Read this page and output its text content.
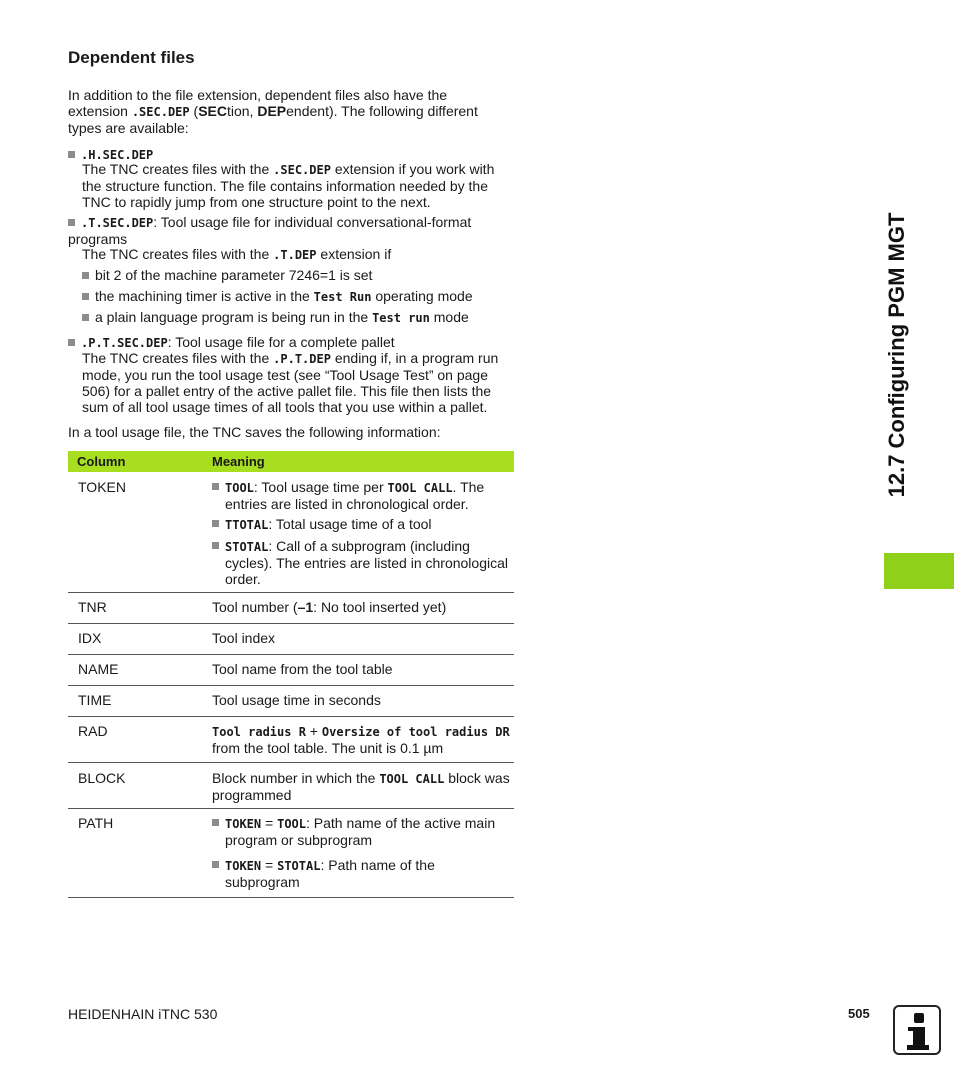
12.7 Configuring PGM MGT
Dependent files
In addition to the file extension, dependent files also have the extension .SEC.DEP (SECtion, DEPendent). The following different types are available:
.H.SEC.DEP
The TNC creates files with the .SEC.DEP extension if you work with the structure function. The file contains information needed by the TNC to rapidly jump from one structure point to the next.
.T.SEC.DEP: Tool usage file for individual conversational-format programs
The TNC creates files with the .T.DEP extension if
bit 2 of the machine parameter 7246=1 is set
the machining timer is active in the Test Run operating mode
a plain language program is being run in the Test run mode
.P.T.SEC.DEP: Tool usage file for a complete pallet
The TNC creates files with the .P.T.DEP ending if, in a program run mode, you run the tool usage test (see “Tool Usage Test” on page 506) for a pallet entry of the active pallet file. This file then lists the sum of all tool usage times of all tools that you use within a pallet.
In a tool usage file, the TNC saves the following information:
Column	Meaning
TOKEN	TOOL: Tool usage time per TOOL CALL. The entries are listed in chronological order.
TTOTAL: Total usage time of a tool
STOTAL: Call of a subprogram (including cycles). The entries are listed in chronological order.
TNR	Tool number (–1: No tool inserted yet)
IDX	Tool index
NAME	Tool name from the tool table
TIME	Tool usage time in seconds
RAD	Tool radius R + Oversize of tool radius DR
from the tool table. The unit is 0.1 µm
BLOCK	Block number in which the TOOL CALL block was programmed
PATH	TOKEN = TOOL: Path name of the active main program or subprogram
TOKEN = STOTAL: Path name of the subprogram
HEIDENHAIN iTNC 530	505
